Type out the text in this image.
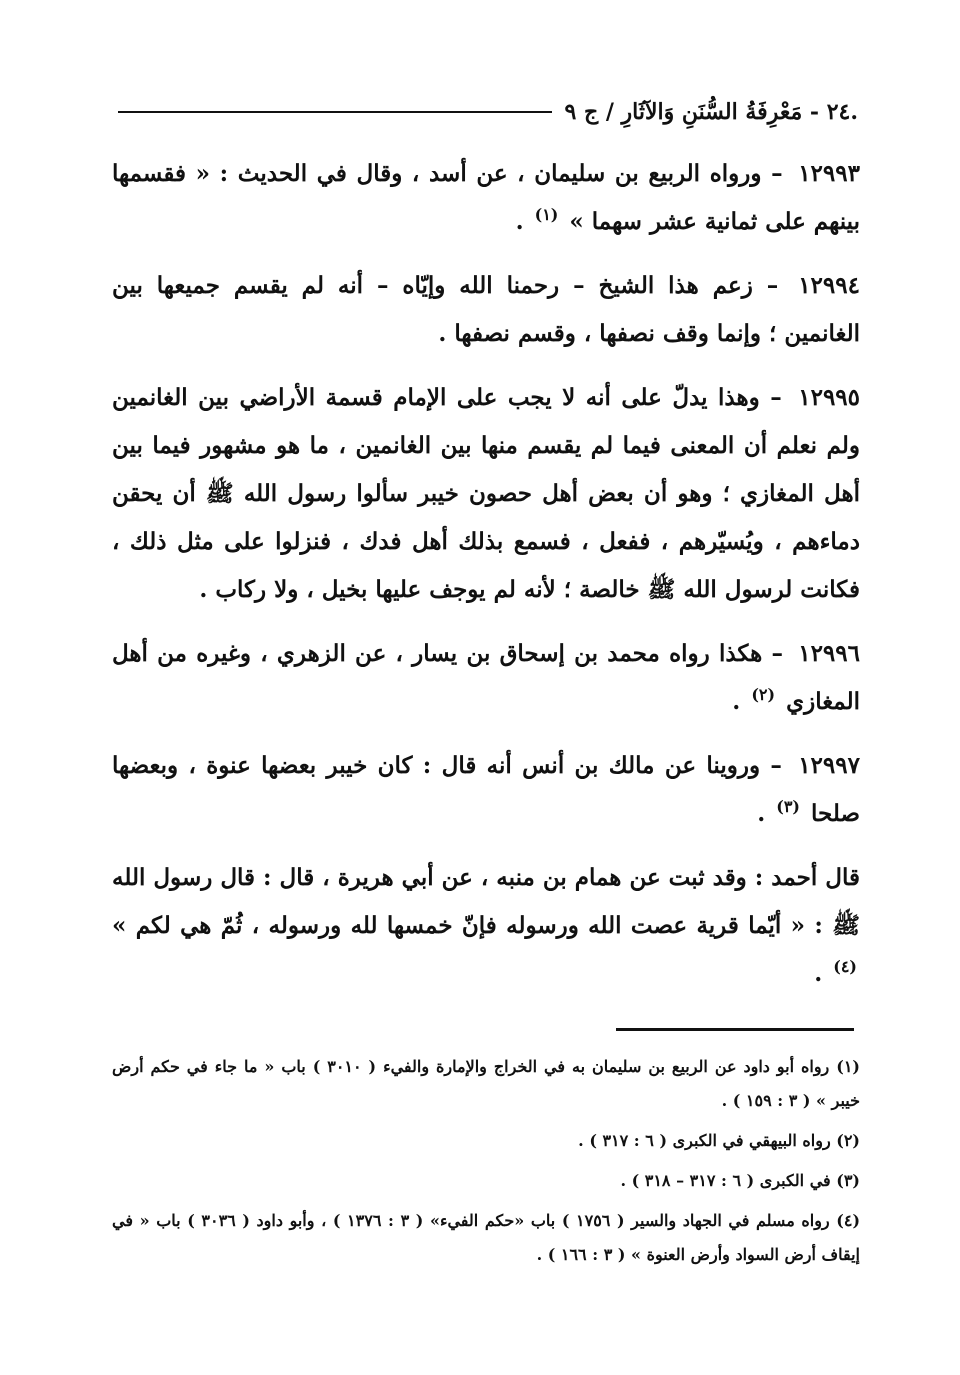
.٢٤ - مَعْرِفَةُ السُّنَنِ وَالآثَارِ / ج ٩

١٢٩٩٣ – ورواه الربيع بن سليمان ، عن أسد ، وقال في الحديث : « فقسمها بينهم على ثمانية عشر سهما » $^{(١)}$ .

١٢٩٩٤ – زعم هذا الشيخ – رحمنا الله وإيّاه – أنه لم يقسم جميعها بين الغانمين ؛ وإنما وقف نصفها ، وقسم نصفها .

١٢٩٩٥ – وهذا يدلّ على أنه لا يجب على الإمام قسمة الأراضي بين الغانمين ولم نعلم أن المعنى فيما لم يقسم منها بين الغانمين ، ما هو مشهور فيما بين أهل المغازي ؛ وهو أن بعض أهل حصون خيبر سألوا رسول الله ﷺ أن يحقن دماءهم ، ويُسيّرهم ، ففعل ، فسمع بذلك أهل فدك ، فنزلوا على مثل ذلك ، فكانت لرسول الله ﷺ خالصة ؛ لأنه لم يوجف عليها بخيل ، ولا ركاب .

١٢٩٩٦ – هكذا رواه محمد بن إسحاق بن يسار ، عن الزهري ، وغيره من أهل المغازي $^{(٢)}$ .

١٢٩٩٧ – وروينا عن مالك بن أنس أنه قال : كان خيبر بعضها عنوة ، وبعضها صلحا $^{(٣)}$ .

قال أحمد : وقد ثبت عن همام بن منبه ، عن أبي هريرة ، قال : قال رسول الله ﷺ : « أيّما قرية عصت الله ورسوله فإنّ خمسها لله ورسوله ، ثُمّ هي لكم » $^{(٤)}$ .

(١) رواه أبو داود عن الربيع بن سليمان به في الخراج والإمارة والفيء ( ٣٠١٠ ) باب « ما جاء في حكم أرض خيبر » ( ٣ : ١٥٩ ) .

(٢) رواه البيهقي في الكبرى ( ٦ : ٣١٧ ) .

(٣) في الكبرى ( ٦ : ٣١٧ – ٣١٨ ) .

(٤) رواه مسلم في الجهاد والسير ( ١٧٥٦ ) باب «حكم الفيء» ( ٣ : ١٣٧٦ ) ، وأبو داود ( ٣٠٣٦ ) باب « في إيقاف أرض السواد وأرض العنوة » ( ٣ : ١٦٦ ) .
